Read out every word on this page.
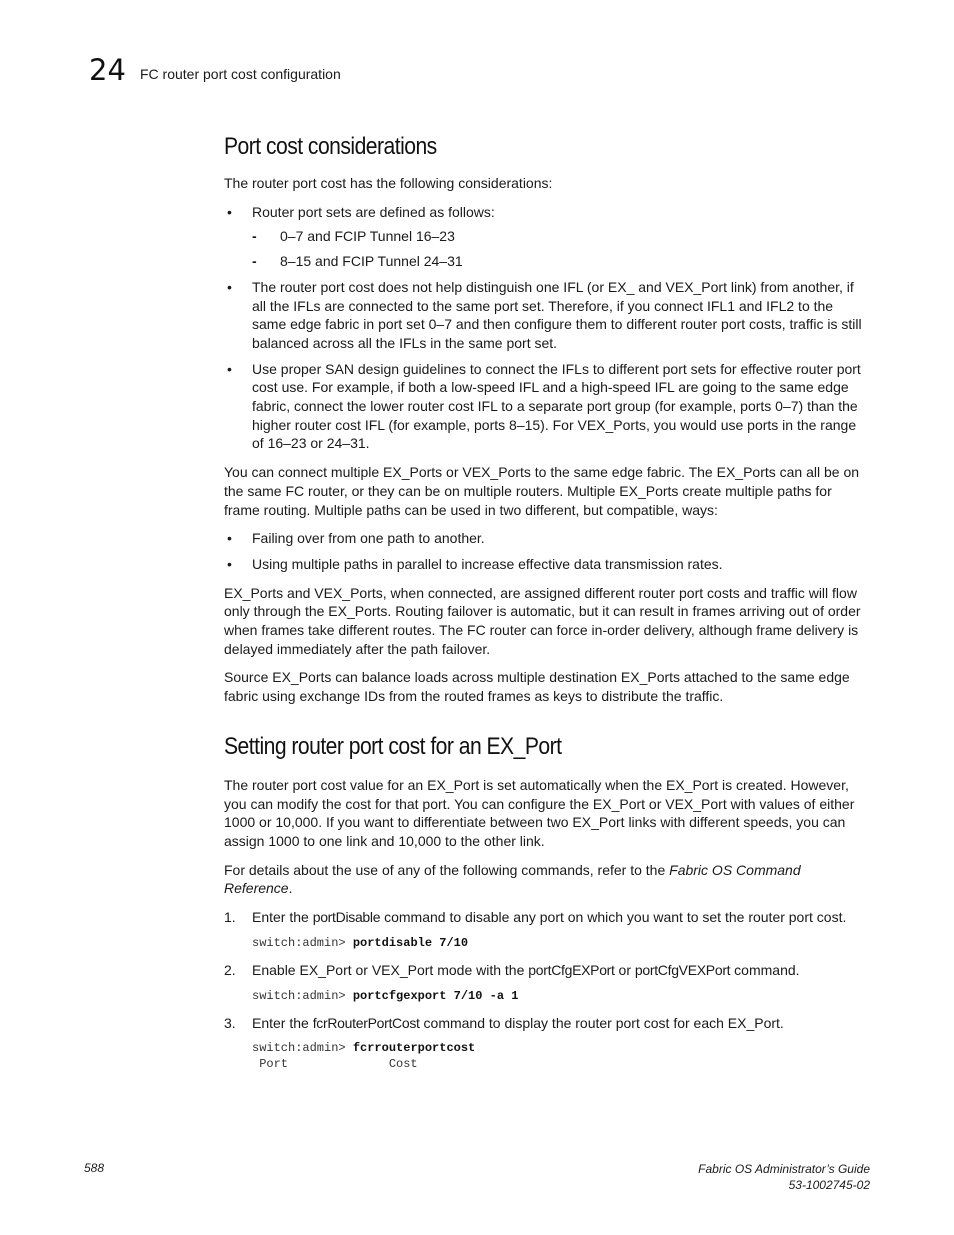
24 FC router port cost configuration
Port cost considerations

The router port cost has the following considerations:

• Router port sets are defined as follows:
- 0–7 and FCIP Tunnel 16–23
- 8–15 and FCIP Tunnel 24–31
• The router port cost does not help distinguish one IFL (or EX_ and VEX_Port link) from another, if all the IFLs are connected to the same port set. Therefore, if you connect IFL1 and IFL2 to the same edge fabric in port set 0–7 and then configure them to different router port costs, traffic is still balanced across all the IFLs in the same port set.
• Use proper SAN design guidelines to connect the IFLs to different port sets for effective router port cost use. For example, if both a low-speed IFL and a high-speed IFL are going to the same edge fabric, connect the lower router cost IFL to a separate port group (for example, ports 0–7) than the higher router cost IFL (for example, ports 8–15). For VEX_Ports, you would use ports in the range of 16–23 or 24–31.

You can connect multiple EX_Ports or VEX_Ports to the same edge fabric. The EX_Ports can all be on the same FC router, or they can be on multiple routers. Multiple EX_Ports create multiple paths for frame routing. Multiple paths can be used in two different, but compatible, ways:

• Failing over from one path to another.
• Using multiple paths in parallel to increase effective data transmission rates.

EX_Ports and VEX_Ports, when connected, are assigned different router port costs and traffic will flow only through the EX_Ports. Routing failover is automatic, but it can result in frames arriving out of order when frames take different routes. The FC router can force in-order delivery, although frame delivery is delayed immediately after the path failover.

Source EX_Ports can balance loads across multiple destination EX_Ports attached to the same edge fabric using exchange IDs from the routed frames as keys to distribute the traffic.

Setting router port cost for an EX_Port

The router port cost value for an EX_Port is set automatically when the EX_Port is created. However, you can modify the cost for that port. You can configure the EX_Port or VEX_Port with values of either 1000 or 10,000. If you want to differentiate between two EX_Port links with different speeds, you can assign 1000 to one link and 10,000 to the other link.

For details about the use of any of the following commands, refer to the Fabric OS Command Reference.

1. Enter the portDisable command to disable any port on which you want to set the router port cost.
switch:admin> portdisable 7/10
2. Enable EX_Port or VEX_Port mode with the portCfgEXPort or portCfgVEXPort command.
switch:admin> portcfgexport 7/10 -a 1
3. Enter the fcrRouterPortCost command to display the router port cost for each EX_Port.
switch:admin> fcrrouterportcost
Port              Cost
588	Fabric OS Administrator’s Guide
53-1002745-02
